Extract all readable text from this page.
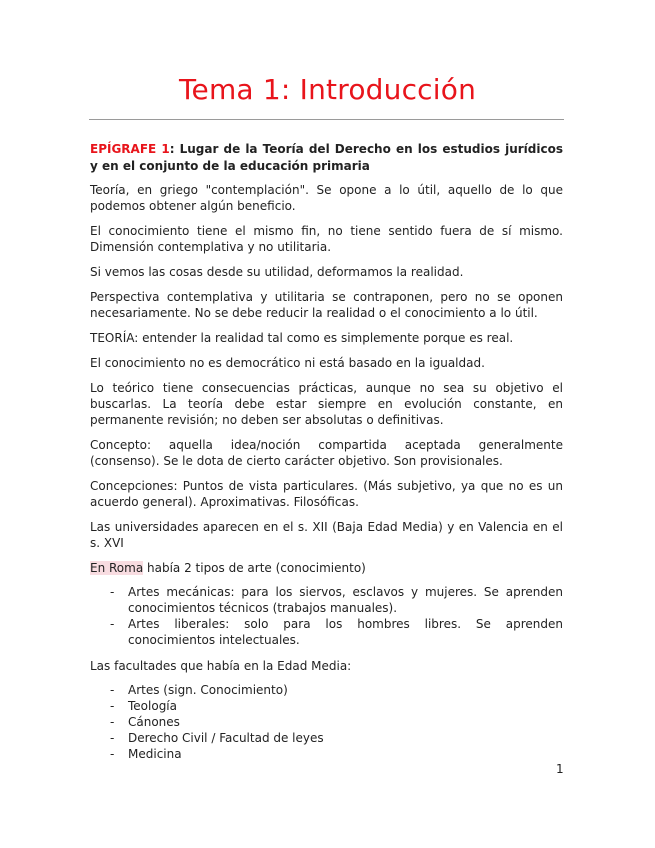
Tema 1: Introducción
EPÍGRAFE 1: Lugar de la Teoría del Derecho en los estudios jurídicos y en el conjunto de la educación primaria

Teoría, en griego "contemplación". Se opone a lo útil, aquello de lo que podemos obtener algún beneficio.

El conocimiento tiene el mismo fin, no tiene sentido fuera de sí mismo. Dimensión contemplativa y no utilitaria.

Si vemos las cosas desde su utilidad, deformamos la realidad.

Perspectiva contemplativa y utilitaria se contraponen, pero no se oponen necesariamente. No se debe reducir la realidad o el conocimiento a lo útil.

TEORÍA: entender la realidad tal como es simplemente porque es real.

El conocimiento no es democrático ni está basado en la igualdad.

Lo teórico tiene consecuencias prácticas, aunque no sea su objetivo el buscarlas. La teoría debe estar siempre en evolución constante, en permanente revisión; no deben ser absolutas o definitivas.

Concepto: aquella idea/noción compartida aceptada generalmente (consenso). Se le dota de cierto carácter objetivo. Son provisionales.

Concepciones: Puntos de vista particulares. (Más subjetivo, ya que no es un acuerdo general). Aproximativas. Filosóficas.

Las universidades aparecen en el s. XII (Baja Edad Media) y en Valencia en el s. XVI

En Roma había 2 tipos de arte (conocimiento)

- Artes mecánicas: para los siervos, esclavos y mujeres. Se aprenden conocimientos técnicos (trabajos manuales).
- Artes liberales: solo para los hombres libres. Se aprenden conocimientos intelectuales.

Las facultades que había en la Edad Media:

- Artes (sign. Conocimiento)
- Teología
- Cánones
- Derecho Civil / Facultad de leyes
- Medicina
1
